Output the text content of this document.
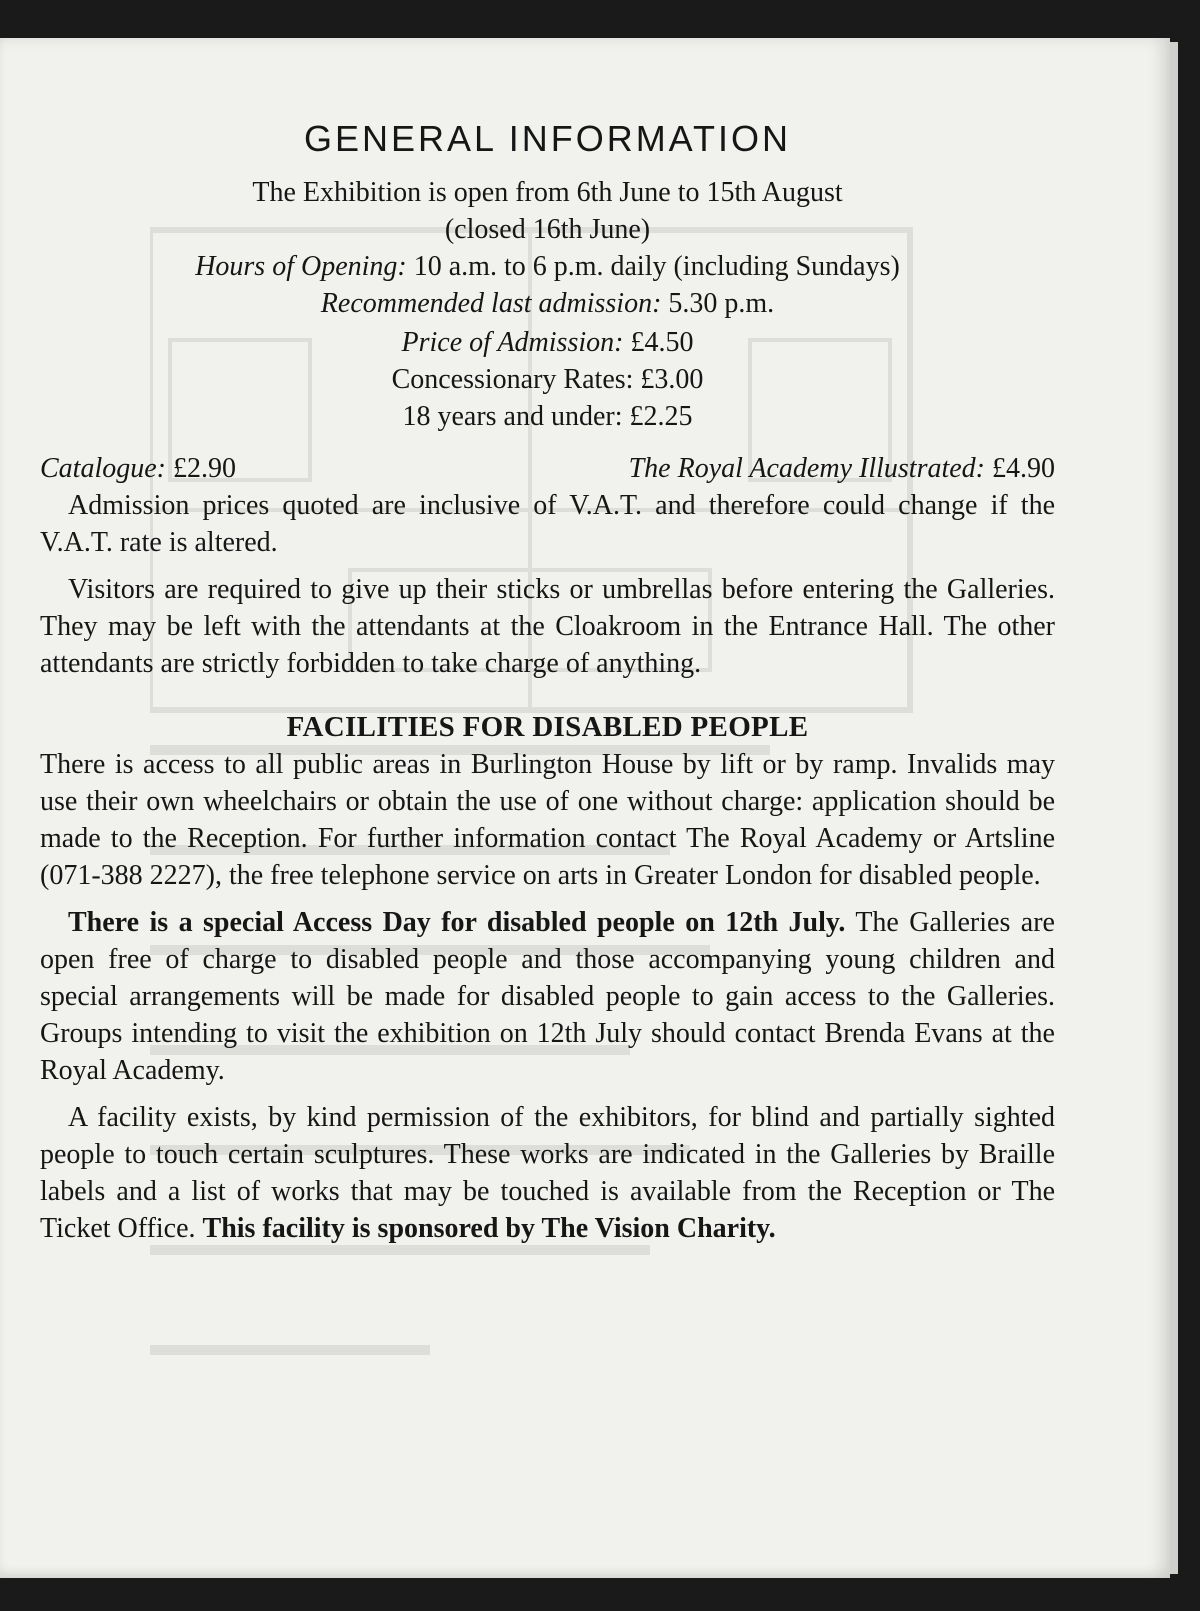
GENERAL INFORMATION

The Exhibition is open from 6th June to 15th August

(closed 16th June)

Hours of Opening: 10 a.m. to 6 p.m. daily (including Sundays)

Recommended last admission: 5.30 p.m.

Price of Admission: £4.50

Concessionary Rates: £3.00

18 years and under: £2.25

Catalogue: £2.90	The Royal Academy Illustrated: £4.90

Admission prices quoted are inclusive of V.A.T. and therefore could change if the V.A.T. rate is altered.

Visitors are required to give up their sticks or umbrellas before entering the Galleries. They may be left with the attendants at the Cloakroom in the Entrance Hall. The other attendants are strictly forbidden to take charge of anything.

FACILITIES FOR DISABLED PEOPLE

There is access to all public areas in Burlington House by lift or by ramp. Invalids may use their own wheelchairs or obtain the use of one without charge: application should be made to the Reception. For further information contact The Royal Academy or Artsline (071-388 2227), the free telephone service on arts in Greater London for disabled people.

There is a special Access Day for disabled people on 12th July. The Galleries are open free of charge to disabled people and those accompanying young children and special arrangements will be made for disabled people to gain access to the Galleries. Groups intending to visit the exhibition on 12th July should contact Brenda Evans at the Royal Academy.

A facility exists, by kind permission of the exhibitors, for blind and partially sighted people to touch certain sculptures. These works are indicated in the Galleries by Braille labels and a list of works that may be touched is available from the Reception or The Ticket Office. This facility is sponsored by The Vision Charity.
